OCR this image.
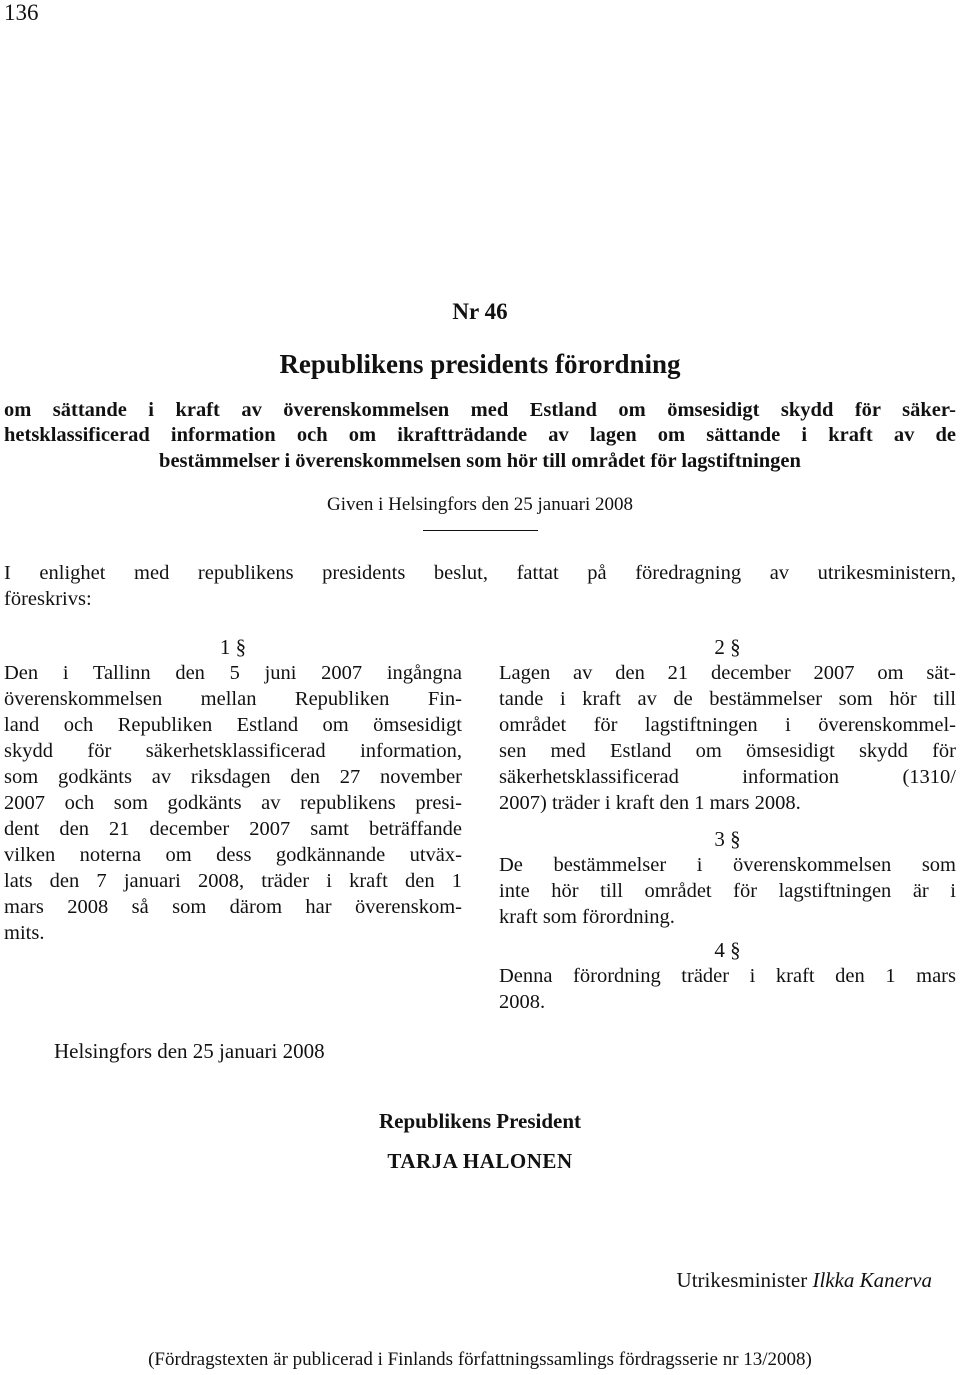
136
Nr 46
Republikens presidents förordning
om sättande i kraft av överenskommelsen med Estland om ömsesidigt skydd för säker-
hetsklassificerad information och om ikraftträdande av lagen om sättande i kraft av de
bestämmelser i överenskommelsen som hör till området för lagstiftningen
Given i Helsingfors den 25 januari 2008
I enlighet med republikens presidents beslut, fattat på föredragning av utrikesministern,
föreskrivs:
1 §
Den i Tallinn den 5 juni 2007 ingångna
överenskommelsen mellan Republiken Fin-
land och Republiken Estland om ömsesidigt
skydd för säkerhetsklassificerad information,
som godkänts av riksdagen den 27 november
2007 och som godkänts av republikens presi-
dent den 21 december 2007 samt beträffande
vilken noterna om dess godkännande utväx-
lats den 7 januari 2008, träder i kraft den 1
mars 2008 så som därom har överenskom-
mits.
2 §
Lagen av den 21 december 2007 om sät-
tande i kraft av de bestämmelser som hör till
området för lagstiftningen i överenskommel-
sen med Estland om ömsesidigt skydd för
säkerhetsklassificerad information (1310/
2007) träder i kraft den 1 mars 2008.
3 §
De bestämmelser i överenskommelsen som
inte hör till området för lagstiftningen är i
kraft som förordning.
4 §
Denna förordning träder i kraft den 1 mars
2008.
Helsingfors den 25 januari 2008
Republikens President
TARJA HALONEN
Utrikesminister Ilkka Kanerva
(Fördragstexten är publicerad i Finlands författningssamlings fördragsserie nr 13/2008)
